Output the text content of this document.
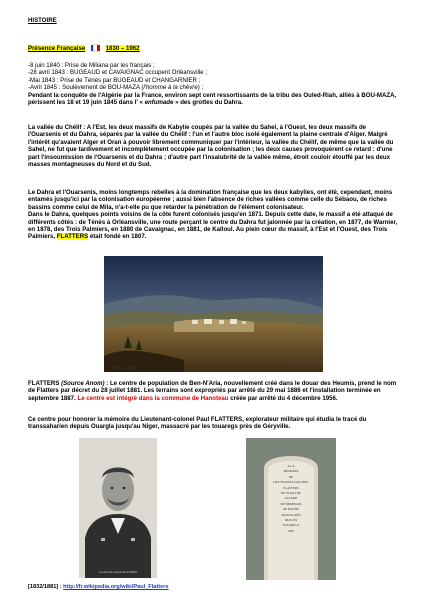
HISTOIRE
Présence Française	1830 – 1962
-8 juin 1840 : Prise de Miliana par les français ;
-28 avril 1843 : BUGEAUD et CAVAIGNAC occupent Orléansville ;
-Mai 1843 : Prise de Ténès par BUGEAUD et CHANGARNIER ;
-Avril 1845 : Soulèvement de BOU-MAZA (l'homme à la chèvre) ;
Pendant la conquête de l'Algérie par la France, environ sept cent ressortissants de la tribu des Ouled-Riah, alliés à BOU-MAZA, périssent les 18 et 19 juin 1845 dans l' « enfumade » des grottes du Dahra.

La vallée du Chélif : A l'Est, les deux massifs de Kabylie coupés par la vallée du Sahel, à l'Ouest, les deux massifs de l'Ouarsenis et du Dahra, séparés par la vallée du Chélif : l'un et l'autre bloc isolé également la plaine centrale d'Alger. Malgré l'intérêt qu'avaient Alger et Oran à pouvoir librement communiquer par l'intérieur, la vallée du Chélif, de même que la vallée du Sahel, ne fut que tardivement et incomplètement occupée par la colonisation ; les deux causes provoquèrent ce retard : d'une part l'insoumission de l'Ouarsenis et du Dahra ; d'autre part l'insalubrité de la vallée même, étroit couloir étouffé par les deux masses montagneuses du Nord et du Sud.

Le Dahra et l'Ouarsenis, moins longtemps rebelles à la domination française que les deux kabylies, ont été, cependant, moins entamés jusqu'ici par la colonisation européenne ; aussi bien l'absence de riches vallées comme celle du Sébaou, de riches bassins comme celui de Mila, n'a-t-elle pu que retarder la pénétration de l'élément colonisateur.
Dans le Dahra, quelques points voisins de la côte furent colonisés jusqu'en 1871. Depuis cette date, le massif a été attaqué de différents côtés : de Ténès à Orléansville, une route perçant le centre du Dahra fut jalonnée par la création, en 1877, de Warnier, en 1878, des Trois Palmiers, en 1880 de Cavaignac, en 1881, de Kalloul. Au plein cœur du massif, à l'Est et l'Ouest, des Trois Palmiers, FLATTERS était fondé en 1807.
Bénairia Village
Photo: Roy D. Landis, 1996
FLATTERS (Source Anom) : Le centre de population de Ben-N'Aria, nouvellement créé dans le douar des Heumis, prend le nom de Flatters par décret du 28 juillet 1881. Les terrains sont expropriés par arrêté du 29 mai 1886 et l'installation terminée en septembre 1887. Le centre est intégré dans la commune de Hanoteau créée par arrêté du 4 décembre 1956.
Ce centre pour honorer la mémoire du Lieutenant-colonel Paul FLATTERS, explorateur militaire qui étudia le tracé du transsaharien depuis Ouargla jusqu'au Niger, massacré par les touaregs près de Géryville.
Lieutenant-colonel FLATTERS
A LA
MÉMOIRE
DE
LIEUTENANT-COLONEL
FLATTERS
DE PLANT DE
GUIARD
DE BÉRINGER
DE ROCHE
MASSACRÉS
PAR LES
TOUAREGS
1881
[1832/1881] : http://fr.wikipedia.org/wiki/Paul_Flatters
